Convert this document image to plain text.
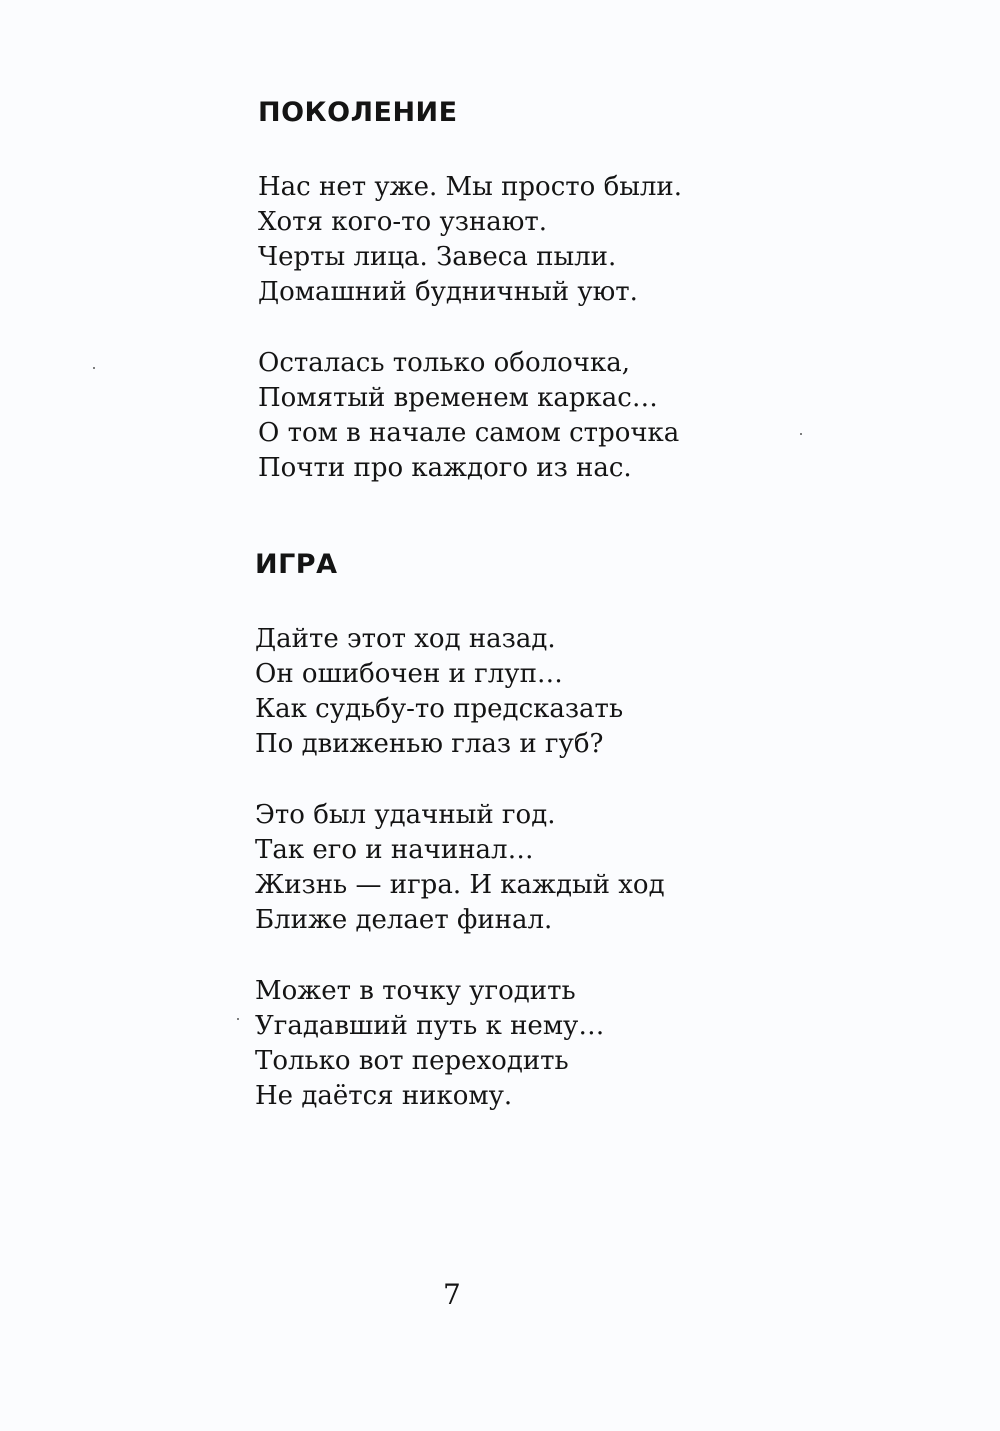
ПОКОЛЕНИЕ
Нас нет уже. Мы просто были.
Хотя кого-то узнают.
Черты лица. Завеса пыли.
Домашний будничный уют.
Осталась только оболочка,
Помятый временем каркас…
О том в начале самом строчка
Почти про каждого из нас.
ИГРА
Дайте этот ход назад.
Он ошибочен и глуп…
Как судьбу-то предсказать
По движенью глаз и губ?
Это был удачный год.
Так его и начинал…
Жизнь — игра. И каждый ход
Ближе делает финал.
Может в точку угодить
Угадавший путь к нему…
Только вот переходить
Не даётся никому.
7
